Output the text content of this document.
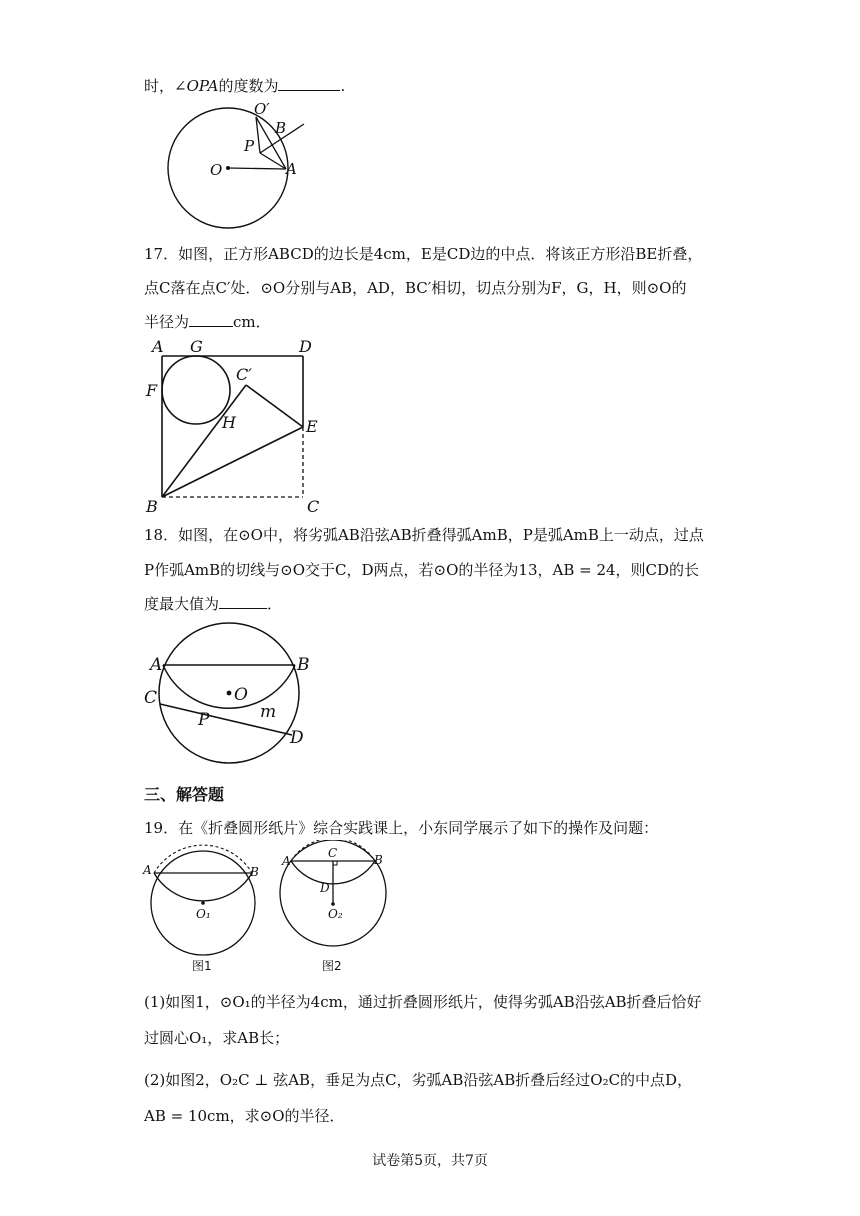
时，∠OPA的度数为	.
O′
B
P
O	A
17．如图，正方形ABCD的边长是4cm，E是CD边的中点．将该正方形沿BE折叠，
点C落在点C′处．⊙O分别与AB，AD，BC′相切，切点分别为F，G，H，则⊙O的
半径为	cm．
A G	D
F
C′
H	E
B	C
18．如图，在⊙O中，将劣弧AB沿弦AB折叠得弧AmB，P是弧AmB上一动点，过点
P作弧AmB的切线与⊙O交于C，D两点，若⊙O的半径为13，AB = 24，则CD的长
度最大值为	．
A	B
O
C
P	m
D
三、解答题
19．在《折叠圆形纸片》综合实践课上，小东同学展示了如下的操作及问题：
A	B
O₁
图1
A
C	B
D
O₂
图2
(1)如图1，⊙O₁的半径为4cm，通过折叠圆形纸片，使得劣弧AB沿弦AB折叠后恰好
过圆心O₁，求AB长；
(2)如图2，O₂C ⊥ 弦AB，垂足为点C，劣弧AB沿弦AB折叠后经过O₂C的中点D，
AB = 10cm，求⊙O的半径．
试卷第5页，共7页
